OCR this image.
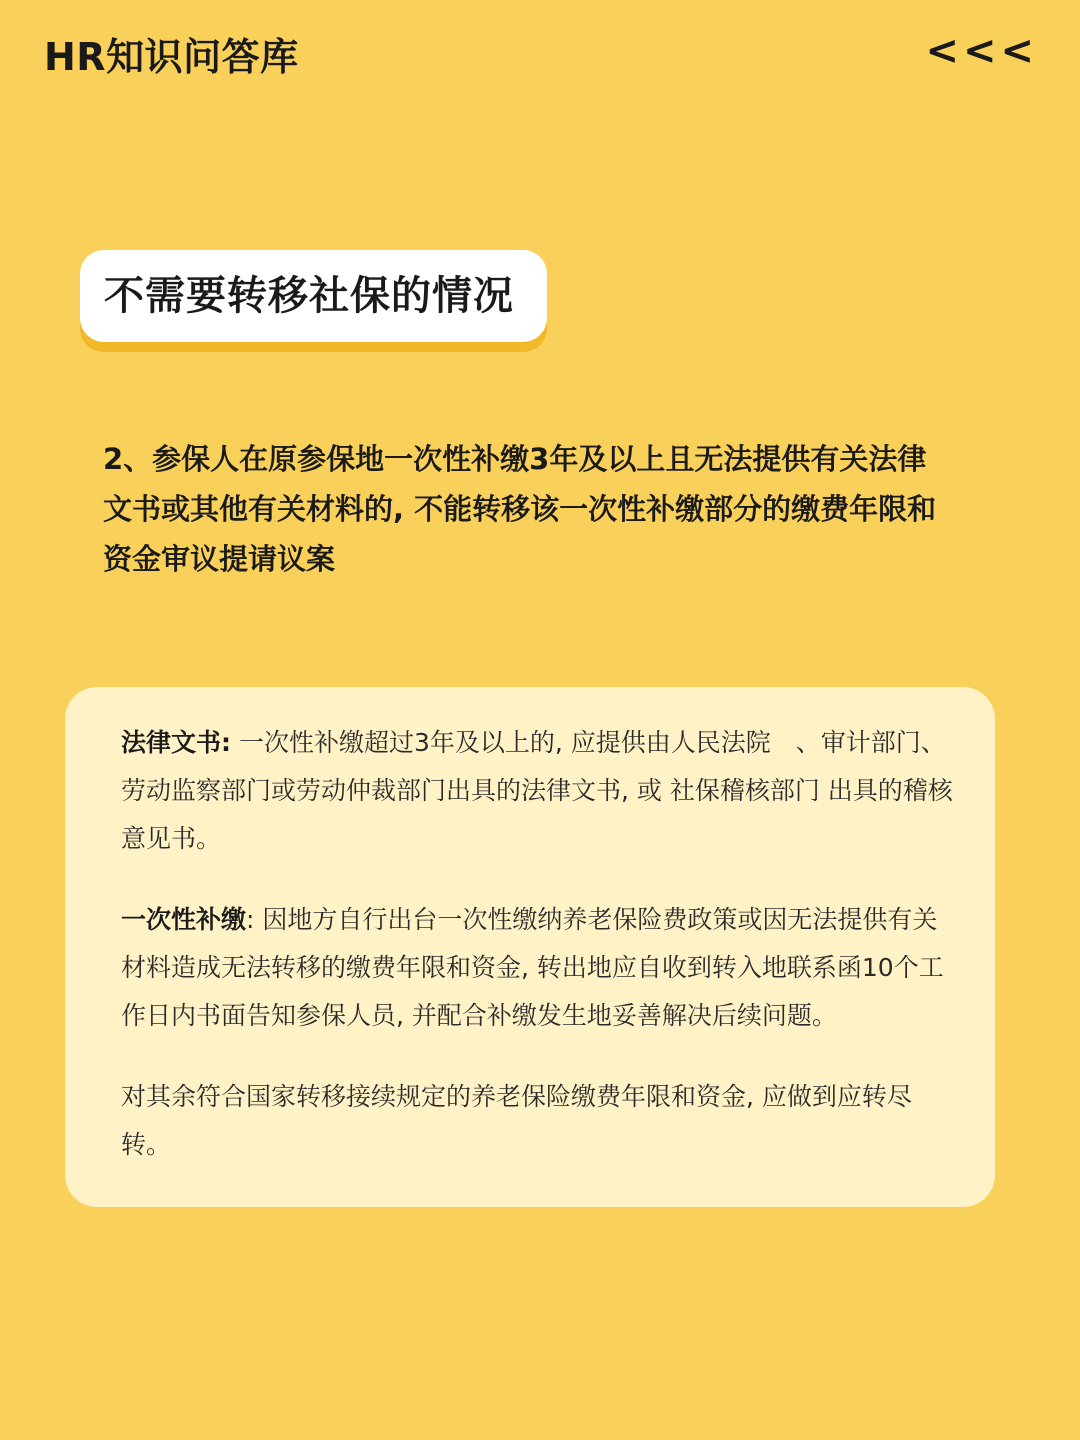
HR知识问答库	<<<
不需要转移社保的情况
2、参保人在原参保地一次性补缴3年及以上且无法提供有关法律文书或其他有关材料的, 不能转移该一次性补缴部分的缴费年限和资金审议提请议案

法律文书: 一次性补缴超过3年及以上的, 应提供由人民法院　、审计部门、劳动监察部门或劳动仲裁部门出具的法律文书, 或 社保稽核部门 出具的稽核意见书。

一次性补缴: 因地方自行出台一次性缴纳养老保险费政策或因无法提供有关材料造成无法转移的缴费年限和资金, 转出地应自收到转入地联系函10个工作日内书面告知参保人员, 并配合补缴发生地妥善解决后续问题。

对其余符合国家转移接续规定的养老保险缴费年限和资金, 应做到应转尽转。
